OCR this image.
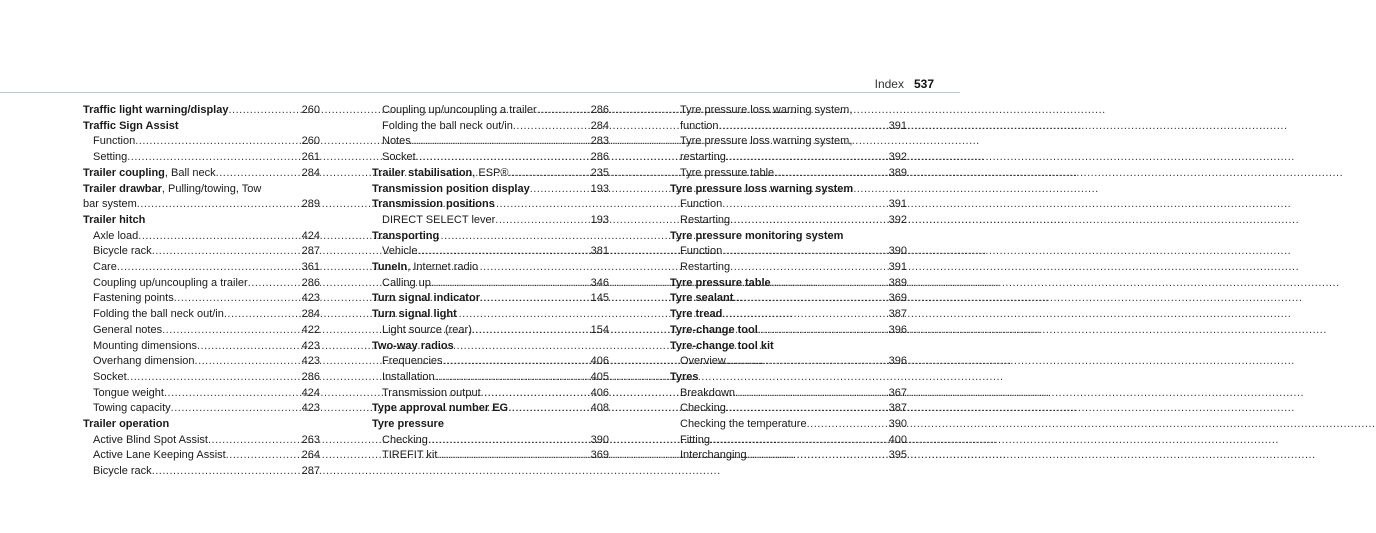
Index 537
Traffic light warning/display .....	260
Traffic Sign Assist
Function .....	260
Setting .....	261
Trailer coupling, Ball neck .....	284
Trailer drawbar, Pulling/towing, Tow
bar system .....	289
Trailer hitch
Axle load .....	424
Bicycle rack .....	287
Care .....	361
Coupling up/uncoupling a trailer .....	286
Fastening points .....	423
Folding the ball neck out/in .....	284
General notes .....	422
Mounting dimensions .....	423
Overhang dimension .....	423
Socket .....	286
Tongue weight .....	424
Towing capacity .....	423
Trailer operation
Active Blind Spot Assist .....	263
Active Lane Keeping Assist .....	264
Bicycle rack .....	287
Coupling up/uncoupling a trailer .....	286
Folding the ball neck out/in .....	284
Notes .....	283
Socket .....	286
Trailer stabilisation, ESP® .....	235
Transmission position display .....	193
Transmission positions
DIRECT SELECT lever .....	193
Transporting
Vehicle .....	381
TuneIn, Internet radio
Calling up .....	346
Turn signal indicator .....	145
Turn signal light
Light source (rear) .....	154
Two-way radios
Frequencies .....	406
Installation .....	405
Transmission output .....	406
Type approval number EG .....	408
Tyre pressure
Checking .....	390
TIREFIT kit .....	369
Tyre pressure loss warning system,
function .....	391
Tyre pressure loss warning system,
restarting .....	392
Tyre pressure table .....	389
Tyre pressure loss warning system
Function .....	391
Restarting .....	392
Tyre pressure monitoring system
Function .....	390
Restarting .....	391
Tyre pressure table .....	389
Tyre sealant .....	369
Tyre tread .....	387
Tyre-change tool .....	396
Tyre-change tool kit
Overview .....	396
Tyres
Breakdown .....	367
Checking .....	387
Checking the temperature .....	390
Fitting .....	400
Interchanging .....	395
